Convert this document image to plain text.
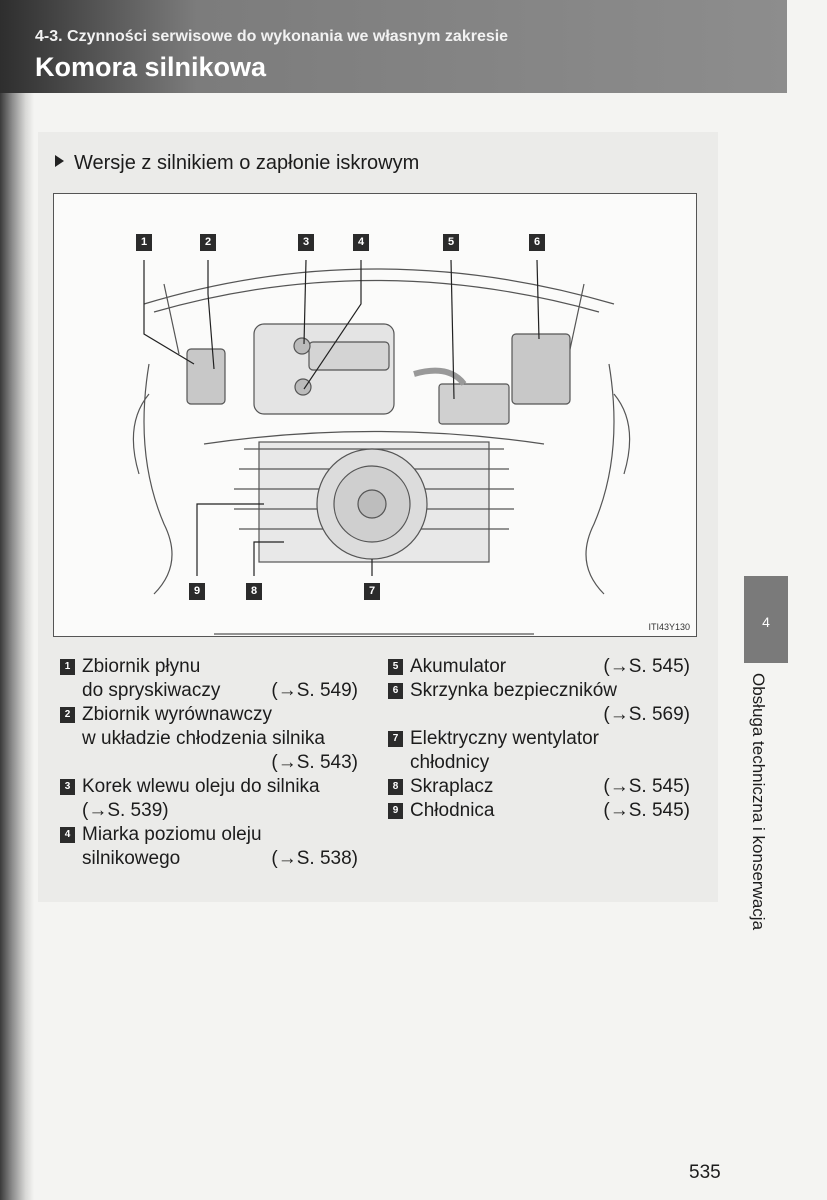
4-3. Czynności serwisowe do wykonania we własnym zakresie
Komora silnikowa
Wersje z silnikiem o zapłonie iskrowym
1	2	3	4	5	6
7
8
9
ITI43Y130
1 Zbiornik płynu
do spryskiwaczy	(→S. 549)
2 Zbiornik wyrównawczy
w układzie chłodzenia silnika
(→S. 543)
3 Korek wlewu oleju do silnika
(→S. 539)
4 Miarka poziomu oleju
silnikowego	(→S. 538)
5 Akumulator	(→S. 545)
6 Skrzynka bezpieczników
(→S. 569)
7 Elektryczny wentylator
chłodnicy
8 Skraplacz	(→S. 545)
9 Chłodnica	(→S. 545)
4
Obsługa techniczna i konserwacja
535
